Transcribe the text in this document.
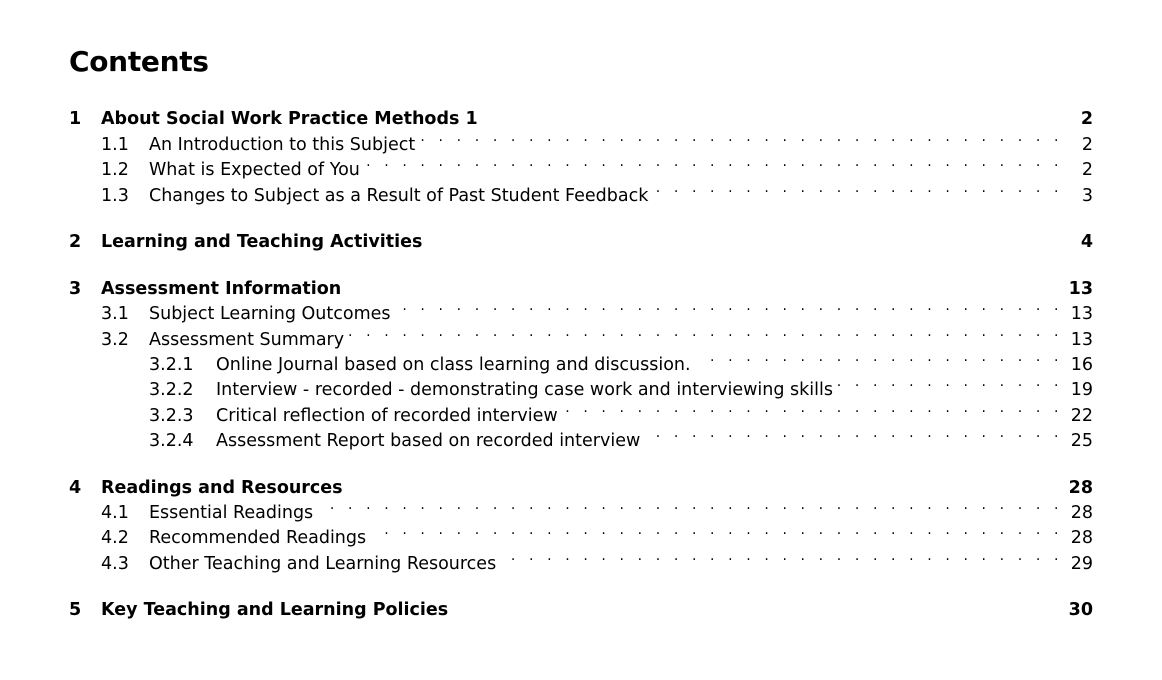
Contents
1	About Social Work Practice Methods 1	2
1.1	An Introduction to this Subject . . .	2
1.2	What is Expected of You . . .	2
1.3	Changes to Subject as a Result of Past Student Feedback . . .	3
2	Learning and Teaching Activities	4
3	Assessment Information	13
3.1	Subject Learning Outcomes . . .	13
3.2	Assessment Summary . . .	13
3.2.1	Online Journal based on class learning and discussion. . . .	16
3.2.2	Interview - recorded - demonstrating case work and interviewing skills . . .	19
3.2.3	Critical reflection of recorded interview . . .	22
3.2.4	Assessment Report based on recorded interview . . .	25
4	Readings and Resources	28
4.1	Essential Readings . . .	28
4.2	Recommended Readings . . .	28
4.3	Other Teaching and Learning Resources . . .	29
5	Key Teaching and Learning Policies	30
